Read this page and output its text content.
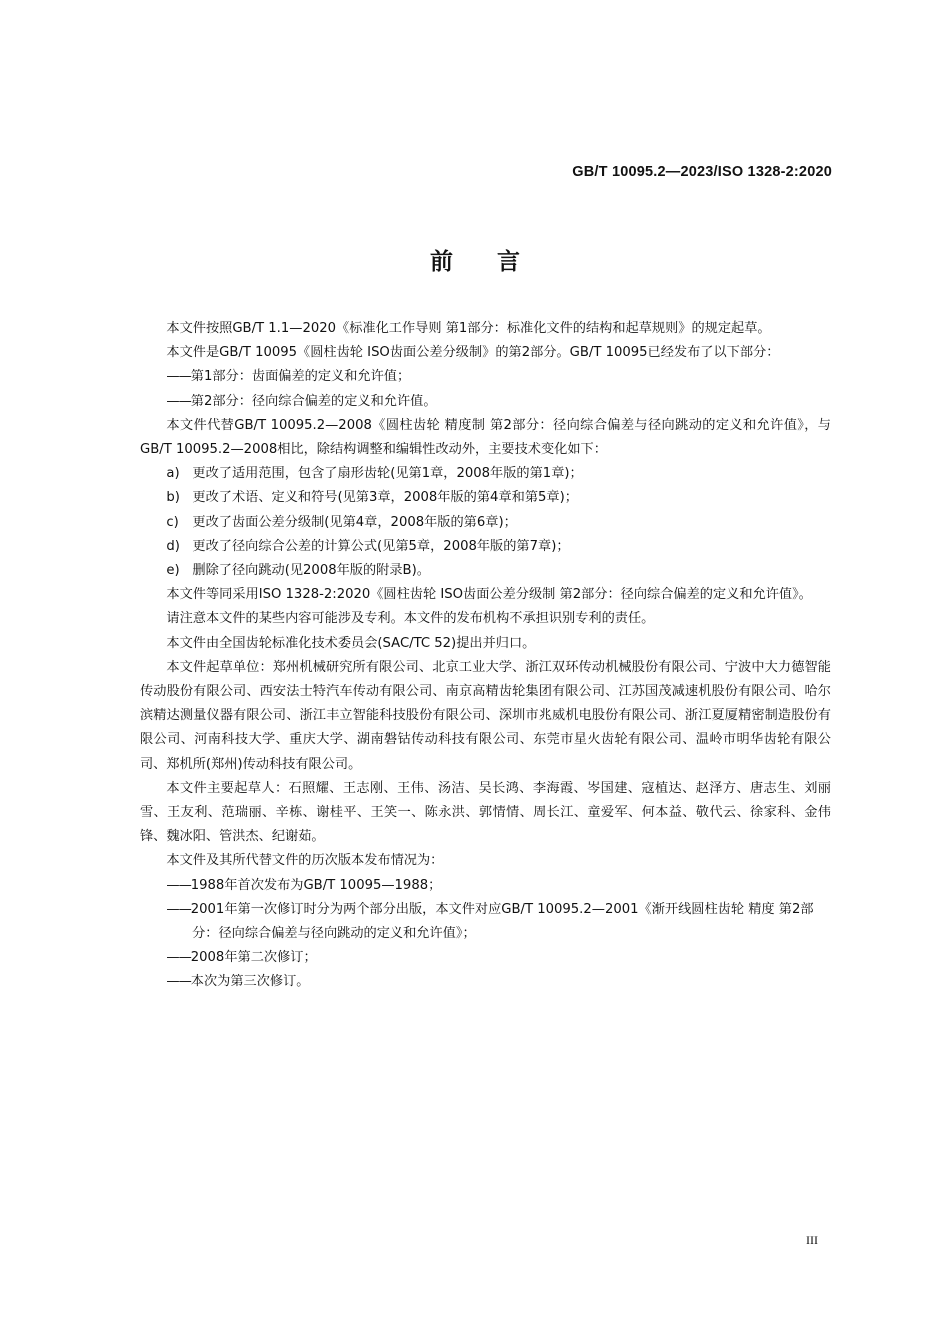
GB/T 10095.2—2023/ISO 1328-2:2020
前言

本文件按照GB/T 1.1—2020《标准化工作导则 第1部分：标准化文件的结构和起草规则》的规定起草。

本文件是GB/T 10095《圆柱齿轮 ISO齿面公差分级制》的第2部分。GB/T 10095已经发布了以下部分：

——第1部分：齿面偏差的定义和允许值；

——第2部分：径向综合偏差的定义和允许值。

本文件代替GB/T 10095.2—2008《圆柱齿轮 精度制 第2部分：径向综合偏差与径向跳动的定义和允许值》，与GB/T 10095.2—2008相比，除结构调整和编辑性改动外，主要技术变化如下：

a) 更改了适用范围，包含了扇形齿轮(见第1章，2008年版的第1章)；

b) 更改了术语、定义和符号(见第3章，2008年版的第4章和第5章)；

c) 更改了齿面公差分级制(见第4章，2008年版的第6章)；

d) 更改了径向综合公差的计算公式(见第5章，2008年版的第7章)；

e) 删除了径向跳动(见2008年版的附录B)。

本文件等同采用ISO 1328-2:2020《圆柱齿轮 ISO齿面公差分级制 第2部分：径向综合偏差的定义和允许值》。

请注意本文件的某些内容可能涉及专利。本文件的发布机构不承担识别专利的责任。

本文件由全国齿轮标准化技术委员会(SAC/TC 52)提出并归口。

本文件起草单位：郑州机械研究所有限公司、北京工业大学、浙江双环传动机械股份有限公司、宁波中大力德智能传动股份有限公司、西安法士特汽车传动有限公司、南京高精齿轮集团有限公司、江苏国茂减速机股份有限公司、哈尔滨精达测量仪器有限公司、浙江丰立智能科技股份有限公司、深圳市兆威机电股份有限公司、浙江夏厦精密制造股份有限公司、河南科技大学、重庆大学、湖南磐钴传动科技有限公司、东莞市星火齿轮有限公司、温岭市明华齿轮有限公司、郑机所(郑州)传动科技有限公司。

本文件主要起草人：石照耀、王志刚、王伟、汤洁、吴长鸿、李海霞、岑国建、寇植达、赵泽方、唐志生、刘丽雪、王友利、范瑞丽、辛栋、谢桂平、王笑一、陈永洪、郭情情、周长江、童爱军、何本益、敬代云、徐家科、金伟锋、魏冰阳、管洪杰、纪谢茹。

本文件及其所代替文件的历次版本发布情况为：

——1988年首次发布为GB/T 10095—1988；

——2001年第一次修订时分为两个部分出版，本文件对应GB/T 10095.2—2001《渐开线圆柱齿轮 精度 第2部分：径向综合偏差与径向跳动的定义和允许值》；

——2008年第二次修订；

——本次为第三次修订。

III
